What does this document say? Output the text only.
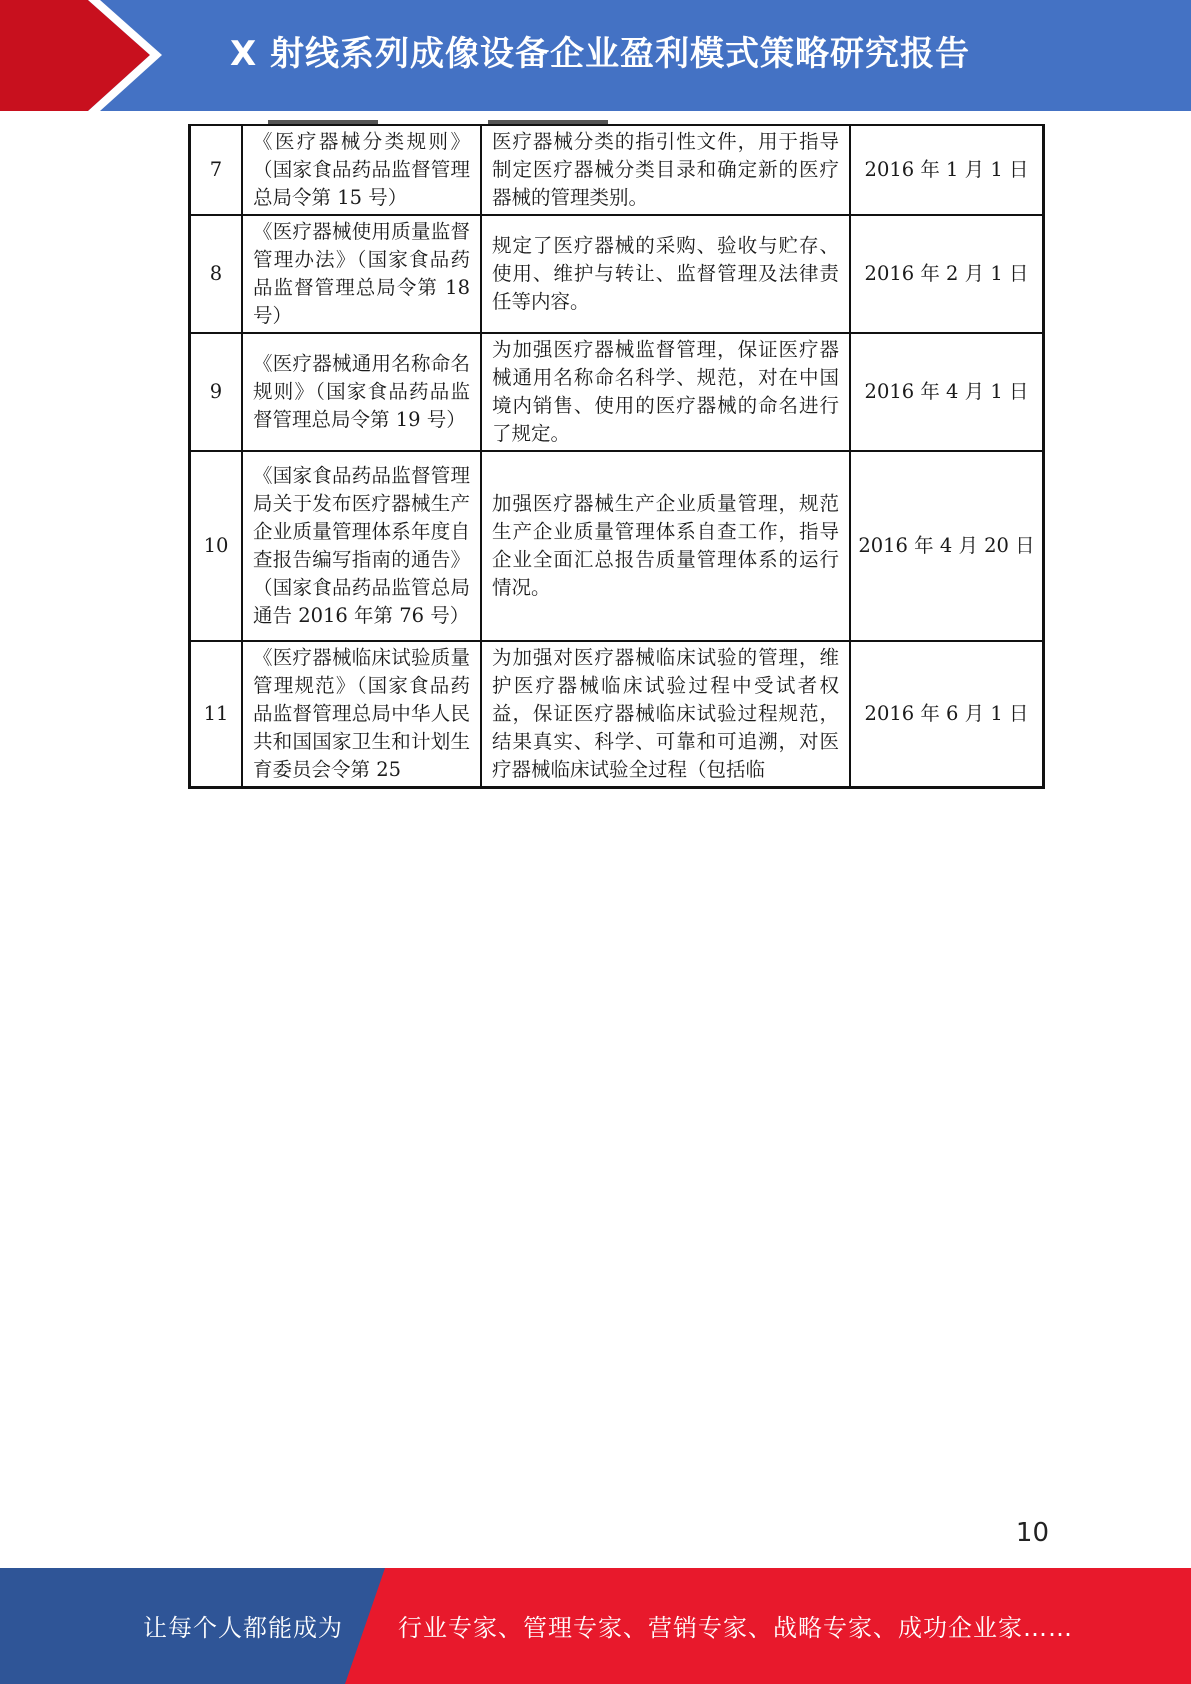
X 射线系列成像设备企业盈利模式策略研究报告
7	《医疗器械分类规则》（国家食品药品监督管理总局令第 15 号）	医疗器械分类的指引性文件，用于指导制定医疗器械分类目录和确定新的医疗器械的管理类别。	2016 年 1 月 1 日
8	《医疗器械使用质量监督管理办法》（国家食品药品监督管理总局令第 18 号）	规定了医疗器械的采购、验收与贮存、使用、维护与转让、监督管理及法律责任等内容。	2016 年 2 月 1 日
9	《医疗器械通用名称命名规则》（国家食品药品监督管理总局令第 19 号）	为加强医疗器械监督管理，保证医疗器械通用名称命名科学、规范，对在中国境内销售、使用的医疗器械的命名进行了规定。	2016 年 4 月 1 日
10	《国家食品药品监督管理局关于发布医疗器械生产企业质量管理体系年度自查报告编写指南的通告》（国家食品药品监管总局通告 2016 年第 76 号）	加强医疗器械生产企业质量管理，规范生产企业质量管理体系自查工作，指导企业全面汇总报告质量管理体系的运行情况。	2016 年 4 月 20 日
11	《医疗器械临床试验质量管理规范》（国家食品药品监督管理总局中华人民共和国国家卫生和计划生育委员会令第 25	为加强对医疗器械临床试验的管理，维护医疗器械临床试验过程中受试者权益，保证医疗器械临床试验过程规范，结果真实、科学、可靠和可追溯，对医疗器械临床试验全过程（包括临	2016 年 6 月 1 日
10
让每个人都能成为 行业专家、管理专家、营销专家、战略专家、成功企业家……
